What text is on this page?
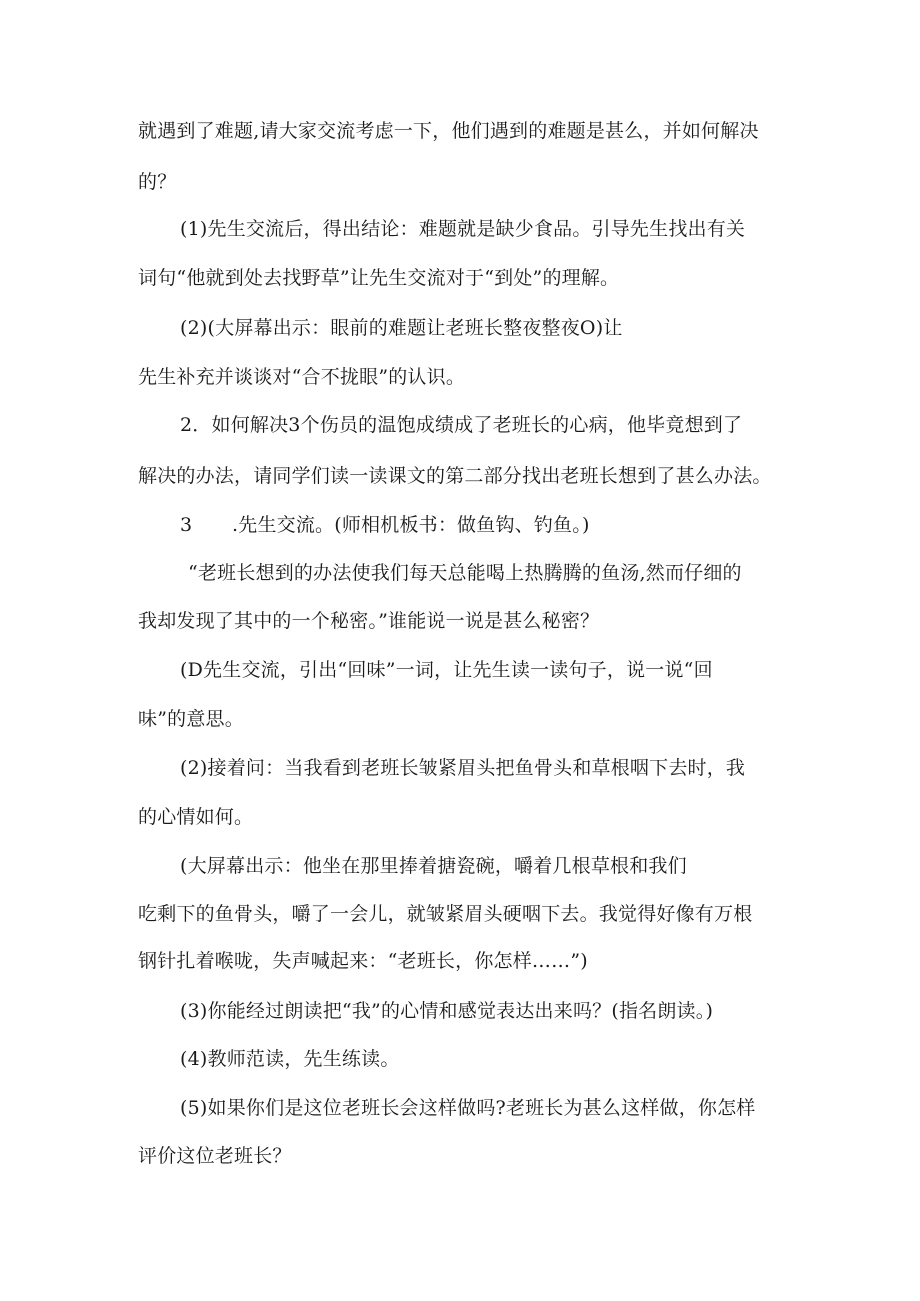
就遇到了难题,请大家交流考虑一下，他们遇到的难题是甚么，并如何解决
的？
(1)先生交流后，得出结论：难题就是缺少食品。引导先生找出有关
词句“他就到处去找野草”让先生交流对于“到处”的理解。
(2)(大屏幕出示：眼前的难题让老班长整夜整夜O)让
先生补充并谈谈对“合不拢眼”的认识。
2．如何解决3个伤员的温饱成绩成了老班长的心病，他毕竟想到了
解决的办法，请同学们读一读课文的第二部分找出老班长想到了甚么办法。
3 .先生交流。(师相机板书：做鱼钩、钓鱼。)
“老班长想到的办法使我们每天总能喝上热腾腾的鱼汤,然而仔细的
我却发现了其中的一个秘密。”谁能说一说是甚么秘密？
(D先生交流，引出“回味”一词，让先生读一读句子，说一说“回
味”的意思。
(2)接着问：当我看到老班长皱紧眉头把鱼骨头和草根咽下去时，我
的心情如何。
(大屏幕出示：他坐在那里捧着搪瓷碗，嚼着几根草根和我们
吃剩下的鱼骨头，嚼了一会儿，就皱紧眉头硬咽下去。我觉得好像有万根
钢针扎着喉咙，失声喊起来：“老班长，你怎样……”)
(3)你能经过朗读把“我”的心情和感觉表达出来吗？(指名朗读。)
(4)教师范读，先生练读。
(5)如果你们是这位老班长会这样做吗?老班长为甚么这样做，你怎样
评价这位老班长？
